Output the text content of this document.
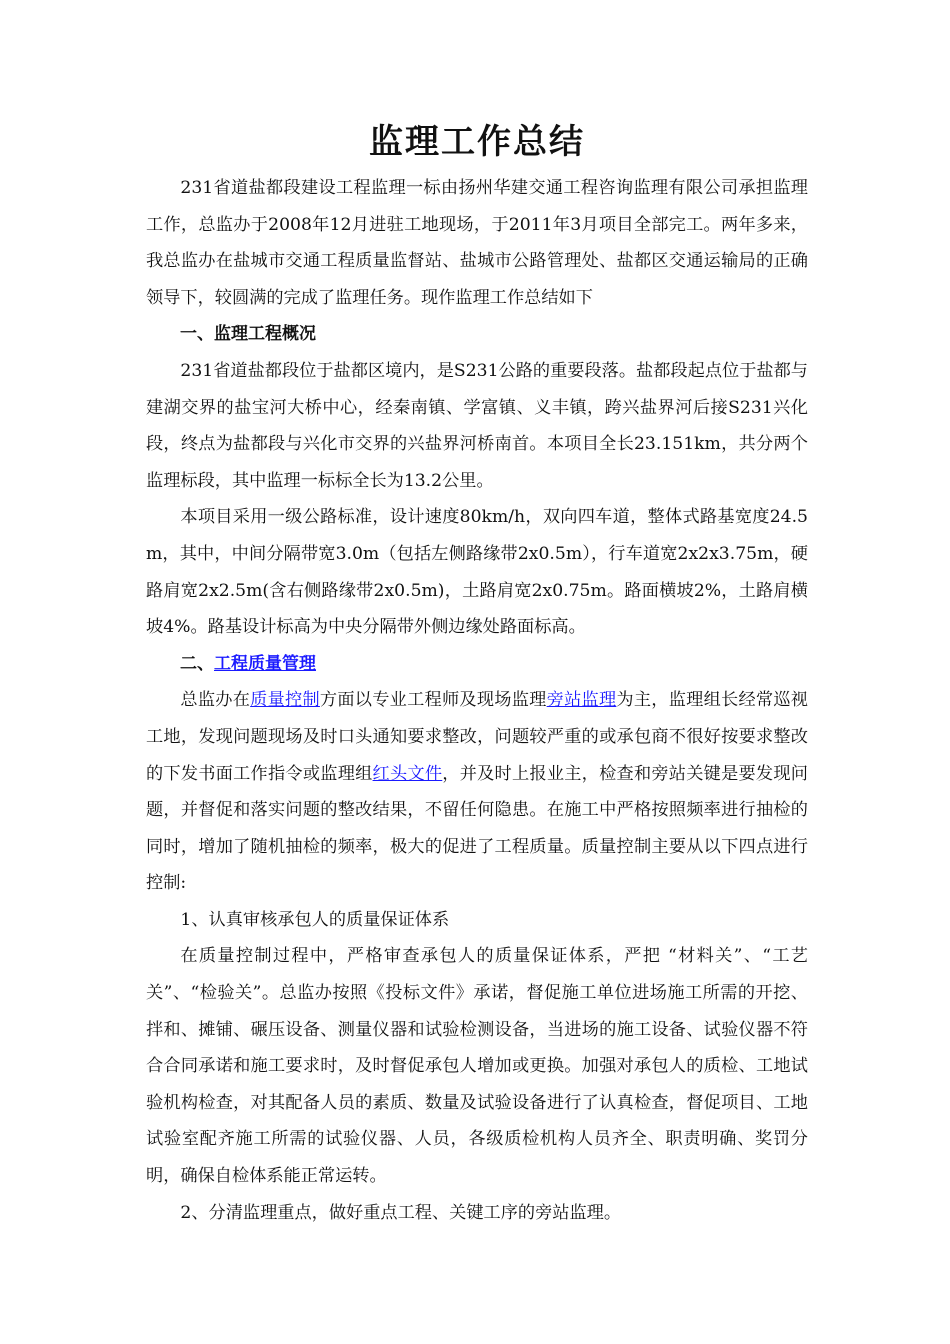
监理工作总结

231省道盐都段建设工程监理一标由扬州华建交通工程咨询监理有限公司承担监理工作，总监办于2008年12月进驻工地现场，于2011年3月项目全部完工。两年多来，我总监办在盐城市交通工程质量监督站、盐城市公路管理处、盐都区交通运输局的正确领导下，较圆满的完成了监理任务。现作监理工作总结如下

一、监理工程概况

231省道盐都段位于盐都区境内，是S231公路的重要段落。盐都段起点位于盐都与建湖交界的盐宝河大桥中心，经秦南镇、学富镇、义丰镇，跨兴盐界河后接S231兴化段，终点为盐都段与兴化市交界的兴盐界河桥南首。本项目全长23.151km，共分两个监理标段，其中监理一标标全长为13.2公里。

本项目采用一级公路标准，设计速度80km/h，双向四车道，整体式路基宽度24.5m，其中，中间分隔带宽3.0m（包括左侧路缘带2x0.5m），行车道宽2x2x3.75m，硬路肩宽2x2.5m(含右侧路缘带2x0.5m)，土路肩宽2x0.75m。路面横坡2%，土路肩横坡4%。路基设计标高为中央分隔带外侧边缘处路面标高。

二、工程质量管理

总监办在质量控制方面以专业工程师及现场监理旁站监理为主，监理组长经常巡视工地，发现问题现场及时口头通知要求整改，问题较严重的或承包商不很好按要求整改的下发书面工作指令或监理组红头文件，并及时上报业主，检查和旁站关键是要发现问题，并督促和落实问题的整改结果，不留任何隐患。在施工中严格按照频率进行抽检的同时，增加了随机抽检的频率，极大的促进了工程质量。质量控制主要从以下四点进行控制:

1、认真审核承包人的质量保证体系

在质量控制过程中，严格审查承包人的质量保证体系，严把 “材料关”、“工艺关”、“检验关”。总监办按照《投标文件》承诺，督促施工单位进场施工所需的开挖、拌和、摊铺、碾压设备、测量仪器和试验检测设备，当进场的施工设备、试验仪器不符合合同承诺和施工要求时，及时督促承包人增加或更换。加强对承包人的质检、工地试验机构检查，对其配备人员的素质、数量及试验设备进行了认真检查，督促项目、工地试验室配齐施工所需的试验仪器、人员，各级质检机构人员齐全、职责明确、奖罚分明，确保自检体系能正常运转。

2、分清监理重点，做好重点工程、关键工序的旁站监理。
